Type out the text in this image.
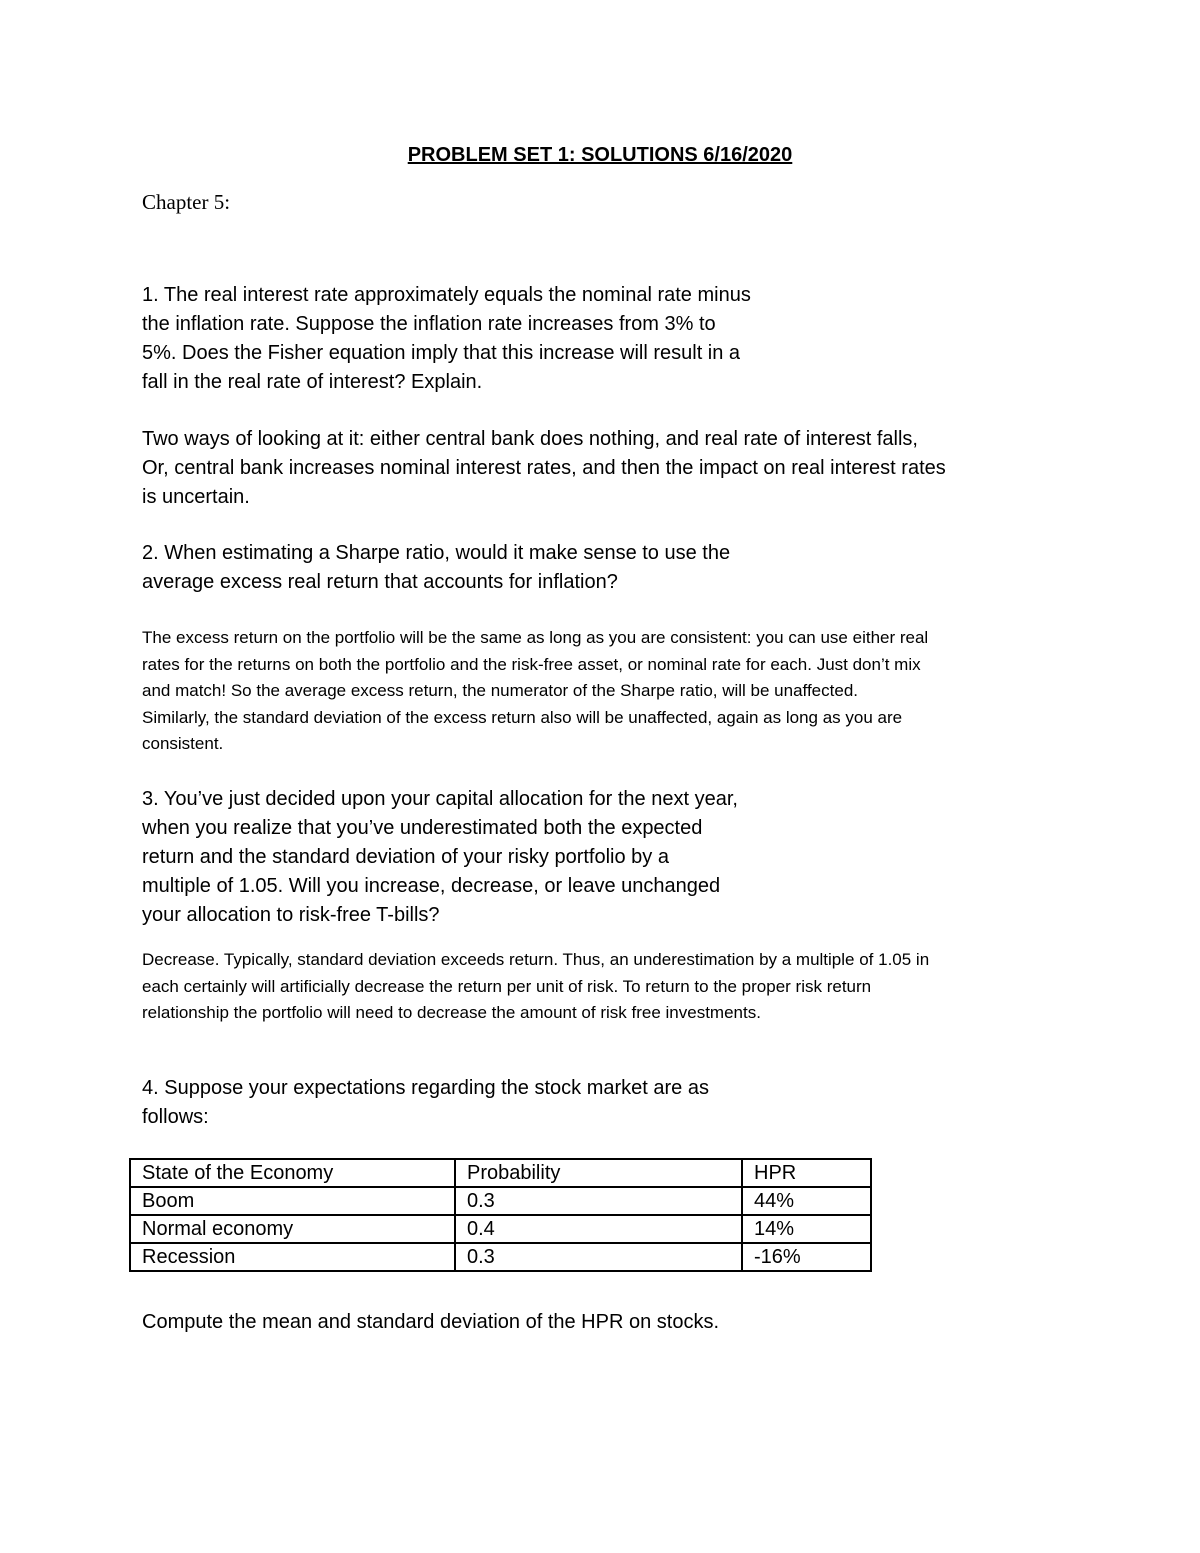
PROBLEM SET 1: SOLUTIONS 6/16/2020

Chapter 5:

1. The real interest rate approximately equals the nominal rate minus
the inflation rate. Suppose the inflation rate increases from 3% to
5%. Does the Fisher equation imply that this increase will result in a
fall in the real rate of interest? Explain.
Two ways of looking at it: either central bank does nothing, and real rate of interest falls,
Or, central bank increases nominal interest rates, and then the impact on real interest rates
is uncertain.
2. When estimating a Sharpe ratio, would it make sense to use the
average excess real return that accounts for inflation?
The excess return on the portfolio will be the same as long as you are consistent: you can use either real
rates for the returns on both the portfolio and the risk-free asset, or nominal rate for each. Just don’t mix
and match! So the average excess return, the numerator of the Sharpe ratio, will be unaffected.
Similarly, the standard deviation of the excess return also will be unaffected, again as long as you are
consistent.
3. You’ve just decided upon your capital allocation for the next year,
when you realize that you’ve underestimated both the expected
return and the standard deviation of your risky portfolio by a
multiple of 1.05. Will you increase, decrease, or leave unchanged
your allocation to risk-free T-bills?
Decrease. Typically, standard deviation exceeds return. Thus, an underestimation by a multiple of 1.05 in
each certainly will artificially decrease the return per unit of risk. To return to the proper risk return
relationship the portfolio will need to decrease the amount of risk free investments.
4. Suppose your expectations regarding the stock market are as
follows:
State of the Economy	Probability	HPR
Boom	0.3	44%
Normal economy	0.4	14%
Recession	0.3	-16%

Compute the mean and standard deviation of the HPR on stocks.
